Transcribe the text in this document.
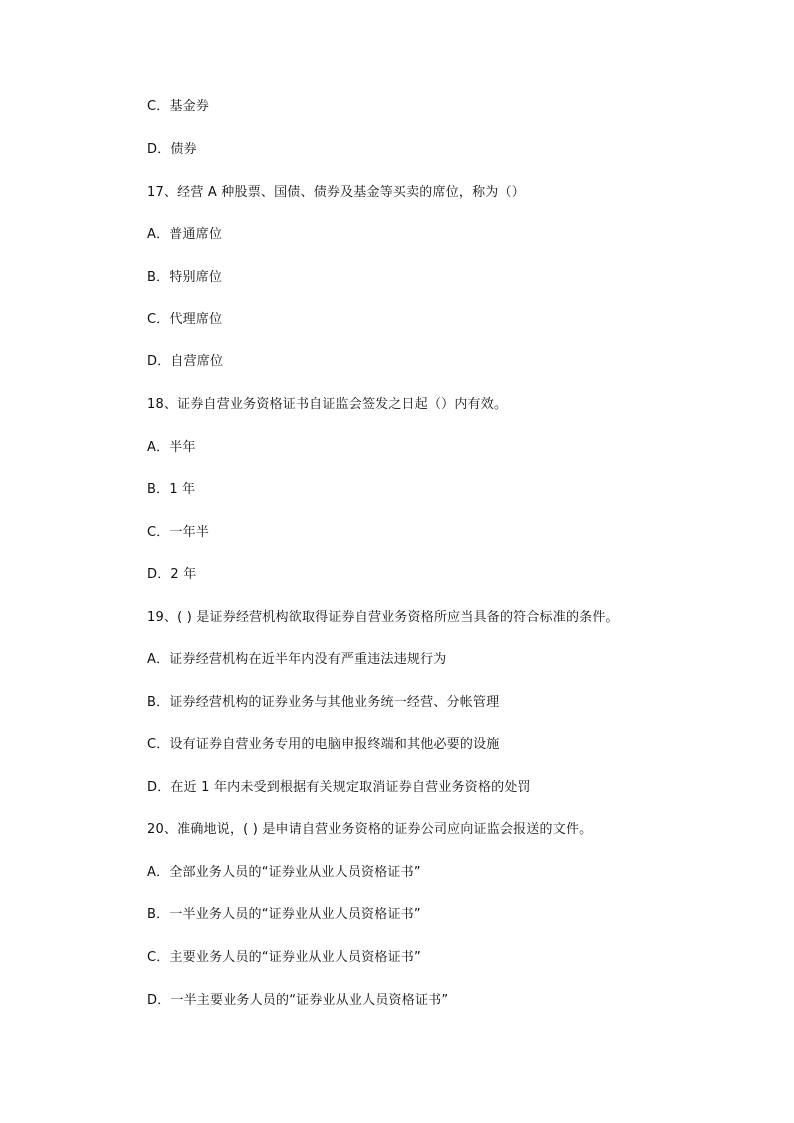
C．基金券
D．债券
17、经营 A 种股票、国债、债券及基金等买卖的席位，称为（）
A．普通席位
B．特别席位
C．代理席位
D．自营席位
18、证券自营业务资格证书自证监会签发之日起（）内有效。
A．半年
B．1 年
C．一年半
D．2 年
19、( ) 是证券经营机构欲取得证券自营业务资格所应当具备的符合标准的条件。
A．证券经营机构在近半年内没有严重违法违规行为
B．证券经营机构的证券业务与其他业务统一经营、分帐管理
C．设有证券自营业务专用的电脑申报终端和其他必要的设施
D．在近 1 年内未受到根据有关规定取消证券自营业务资格的处罚
20、准确地说，( ) 是申请自营业务资格的证券公司应向证监会报送的文件。
A．全部业务人员的“证券业从业人员资格证书”
B．一半业务人员的“证券业从业人员资格证书”
C．主要业务人员的“证券业从业人员资格证书”
D．一半主要业务人员的“证券业从业人员资格证书”
